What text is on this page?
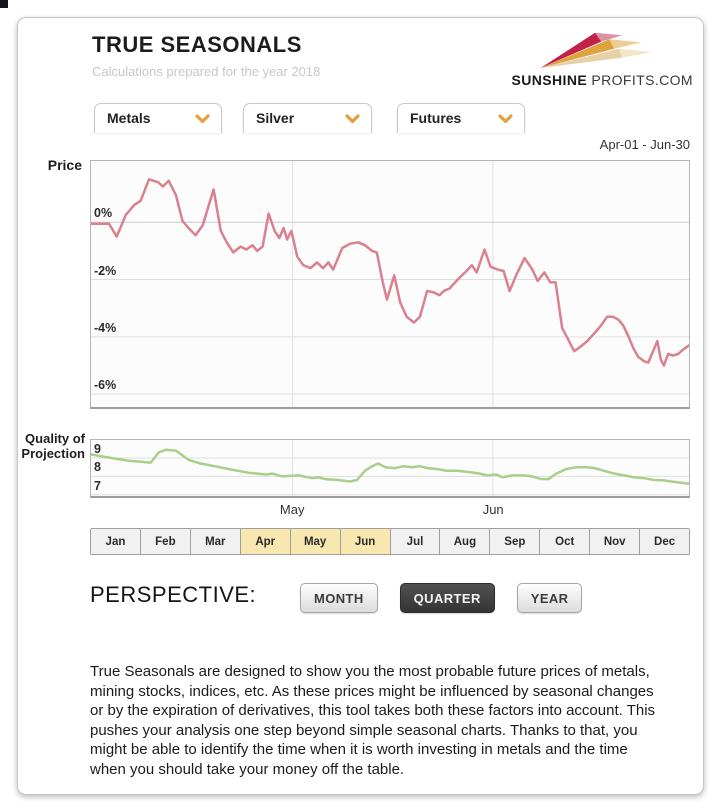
TRUE SEASONALS
Calculations prepared for the year 2018
SUNSHINE PROFITS.COM
Metals	Silver	Futures
Apr-01 - Jun-30
Price
0%
-2%
-4%
-6%
Quality of
Projection 9
8
7
May	Jun
Jan	Feb	Mar	Apr	May	Jun	Jul	Aug	Sep	Oct	Nov	Dec
PERSPECTIVE:	MONTH	QUARTER	YEAR
True Seasonals are designed to show you the most probable future prices of metals, mining stocks, indices, etc. As these prices might be influenced by seasonal changes or by the expiration of derivatives, this tool takes both these factors into account. This pushes your analysis one step beyond simple seasonal charts. Thanks to that, you might be able to identify the time when it is worth investing in metals and the time when you should take your money off the table.
